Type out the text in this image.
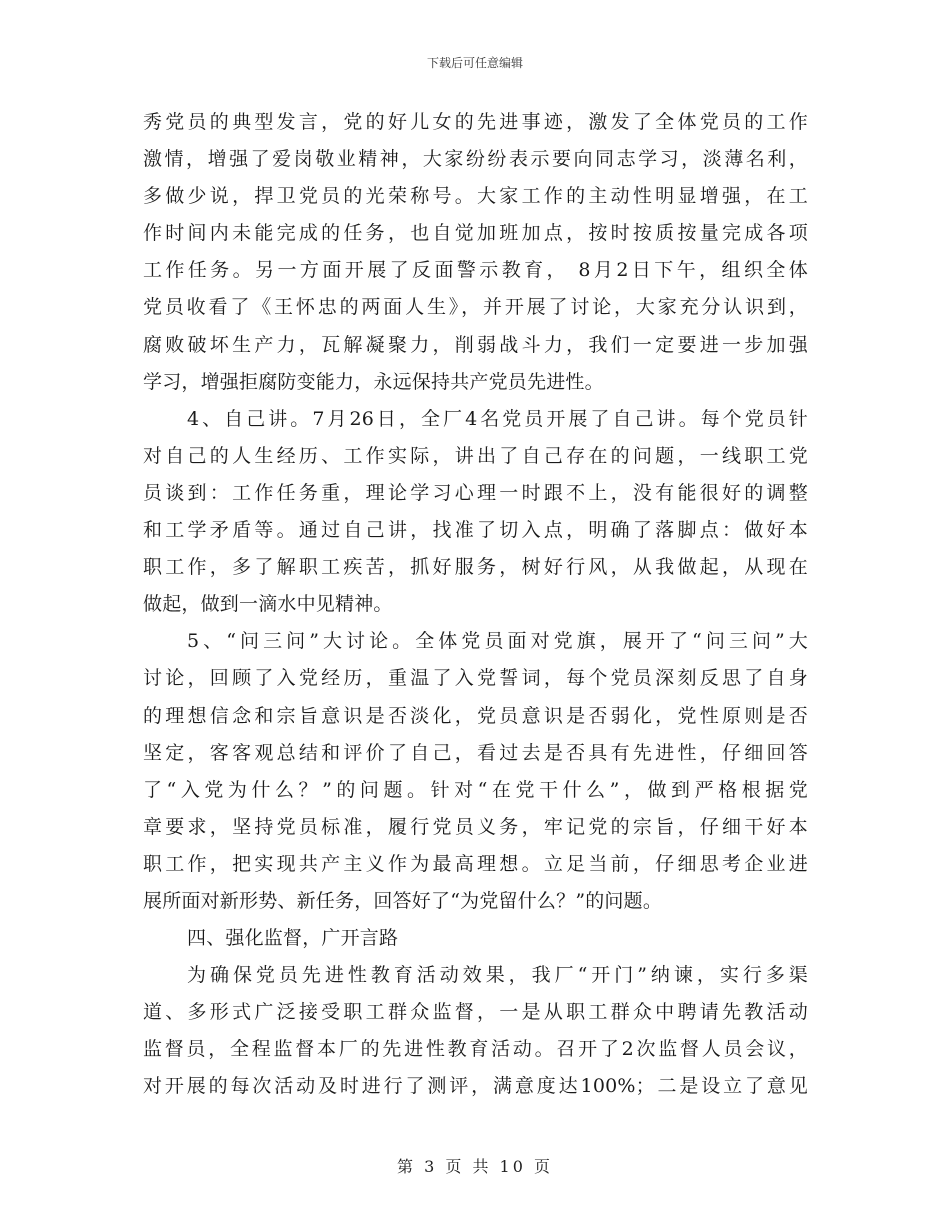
下载后可任意编辑
秀党员的典型发言，党的好儿女的先进事迹，激发了全体党员的工作
激情，增强了爱岗敬业精神，大家纷纷表示要向同志学习，淡薄名利，
多做少说，捍卫党员的光荣称号。大家工作的主动性明显增强，在工
作时间内未能完成的任务，也自觉加班加点，按时按质按量完成各项
工作任务。另一方面开展了反面警示教育， 8月2日下午，组织全体
党员收看了《王怀忠的两面人生》，并开展了讨论，大家充分认识到，
腐败破坏生产力，瓦解凝聚力，削弱战斗力，我们一定要进一步加强
学习，增强拒腐防变能力，永远保持共产党员先进性。
4、自己讲。7月26日，全厂4名党员开展了自己讲。每个党员针
对自己的人生经历、工作实际，讲出了自己存在的问题，一线职工党
员谈到：工作任务重，理论学习心理一时跟不上，没有能很好的调整
和工学矛盾等。通过自己讲，找准了切入点，明确了落脚点：做好本
职工作，多了解职工疾苦，抓好服务，树好行风，从我做起，从现在
做起，做到一滴水中见精神。
5、“问三问”大讨论。全体党员面对党旗，展开了“问三问”大
讨论，回顾了入党经历，重温了入党誓词，每个党员深刻反思了自身
的理想信念和宗旨意识是否淡化，党员意识是否弱化，党性原则是否
坚定，客客观总结和评价了自己，看过去是否具有先进性，仔细回答
了“入党为什么？”的问题。针对“在党干什么”，做到严格根据党
章要求，坚持党员标准，履行党员义务，牢记党的宗旨，仔细干好本
职工作，把实现共产主义作为最高理想。立足当前，仔细思考企业进
展所面对新形势、新任务，回答好了“为党留什么？”的问题。
四、强化监督，广开言路
为确保党员先进性教育活动效果，我厂“开门”纳谏，实行多渠
道、多形式广泛接受职工群众监督，一是从职工群众中聘请先教活动
监督员，全程监督本厂的先进性教育活动。召开了2次监督人员会议，
对开展的每次活动及时进行了测评，满意度达100%；二是设立了意见
第 3 页 共 10 页
